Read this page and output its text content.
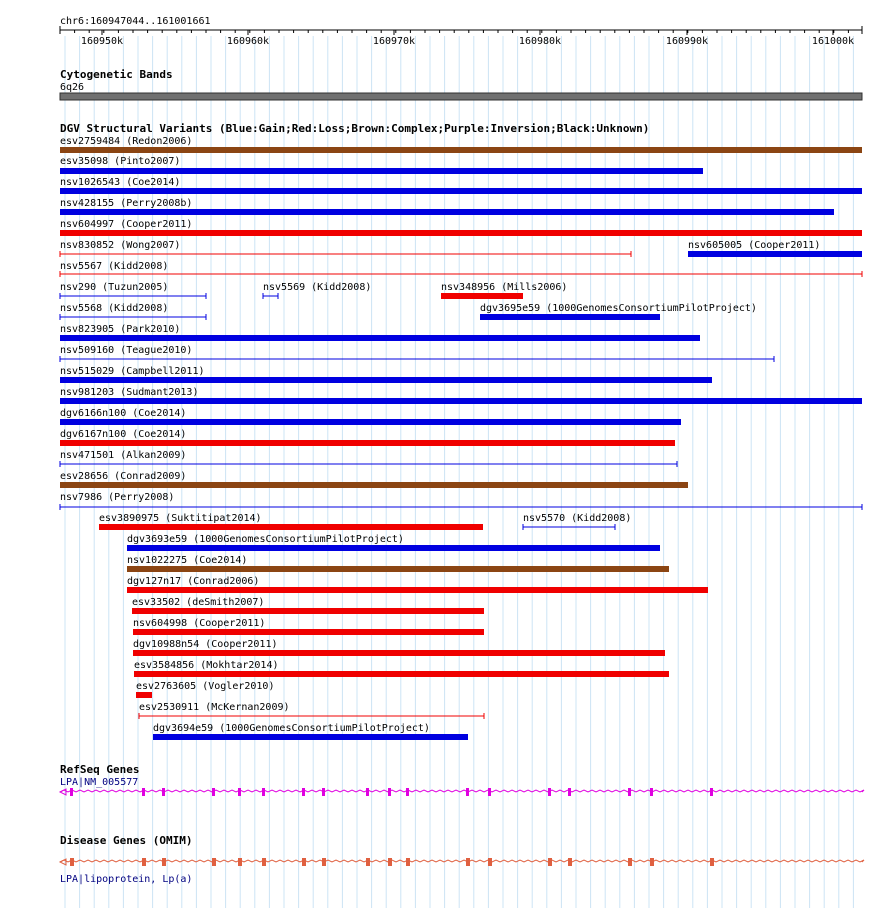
chr6:160947044..161001661
160950k	160960k	160970k	160980k	160990k	161000k
Cytogenetic Bands
6q26
DGV Structural Variants (Blue:Gain;Red:Loss;Brown:Complex;Purple:Inversion;Black:Unknown)
esv2759484 (Redon2006)
esv35098 (Pinto2007)
nsv1026543 (Coe2014)
nsv428155 (Perry2008b)
nsv604997 (Cooper2011)
nsv830852 (Wong2007)	nsv605005 (Cooper2011)
nsv5567 (Kidd2008)
nsv290 (Tuzun2005)	nsv5569 (Kidd2008)	nsv348956 (Mills2006)
nsv5568 (Kidd2008)	dgv3695e59 (1000GenomesConsortiumPilotProject)
nsv823905 (Park2010)
nsv509160 (Teague2010)
nsv515029 (Campbell2011)
nsv981203 (Sudmant2013)
dgv6166n100 (Coe2014)
dgv6167n100 (Coe2014)
nsv471501 (Alkan2009)
esv28656 (Conrad2009)
nsv7986 (Perry2008)
esv3890975 (Suktitipat2014)	nsv5570 (Kidd2008)
dgv3693e59 (1000GenomesConsortiumPilotProject)
nsv1022275 (Coe2014)
dgv127n17 (Conrad2006)
esv33502 (deSmith2007)
nsv604998 (Cooper2011)
dgv10988n54 (Cooper2011)
esv3584856 (Mokhtar2014)
esv2763605 (Vogler2010)
esv2530911 (McKernan2009)
dgv3694e59 (1000GenomesConsortiumPilotProject)
RefSeq Genes
LPA|NM_005577
Disease Genes (OMIM)
LPA|lipoprotein, Lp(a)
